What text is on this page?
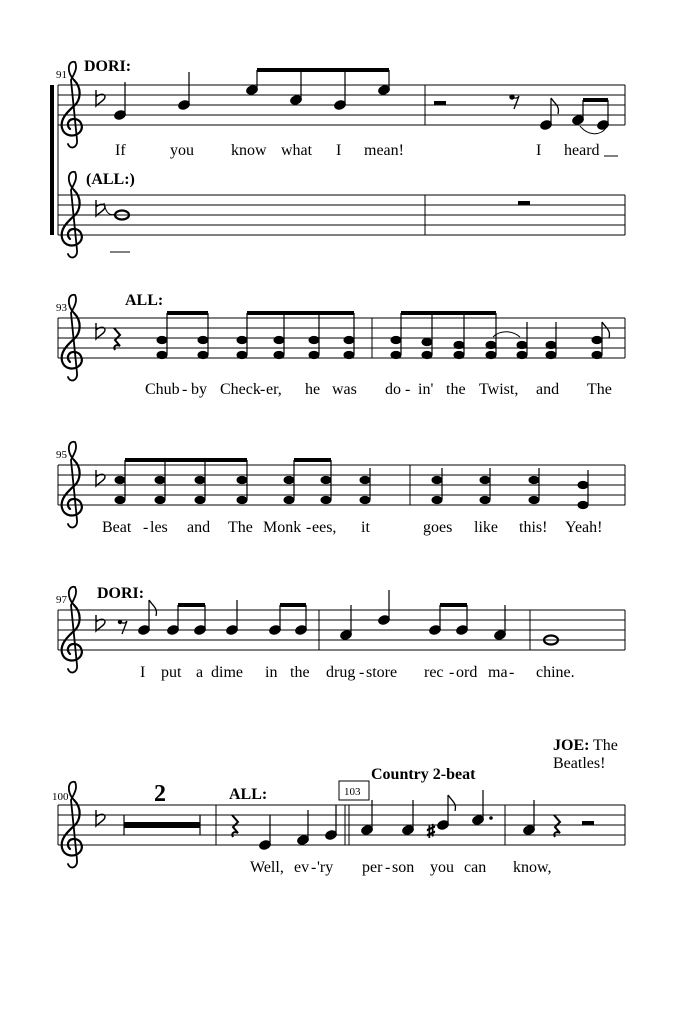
91 DORI:
If	you know what I mean!	I heard
(ALL:)
93	ALL:
Chub - by Check - er, he was do - in' the Twist, and The
95
Beat - les and The Monk - ees, it	goes like this! Yeah!
97 DORI:
I put a dime in the drug - store rec - ord ma - chine.
JOE: The
Beatles!
Country 2-beat
103
2	ALL:
100
♯
Well, ev - 'ry per - son you can know,
